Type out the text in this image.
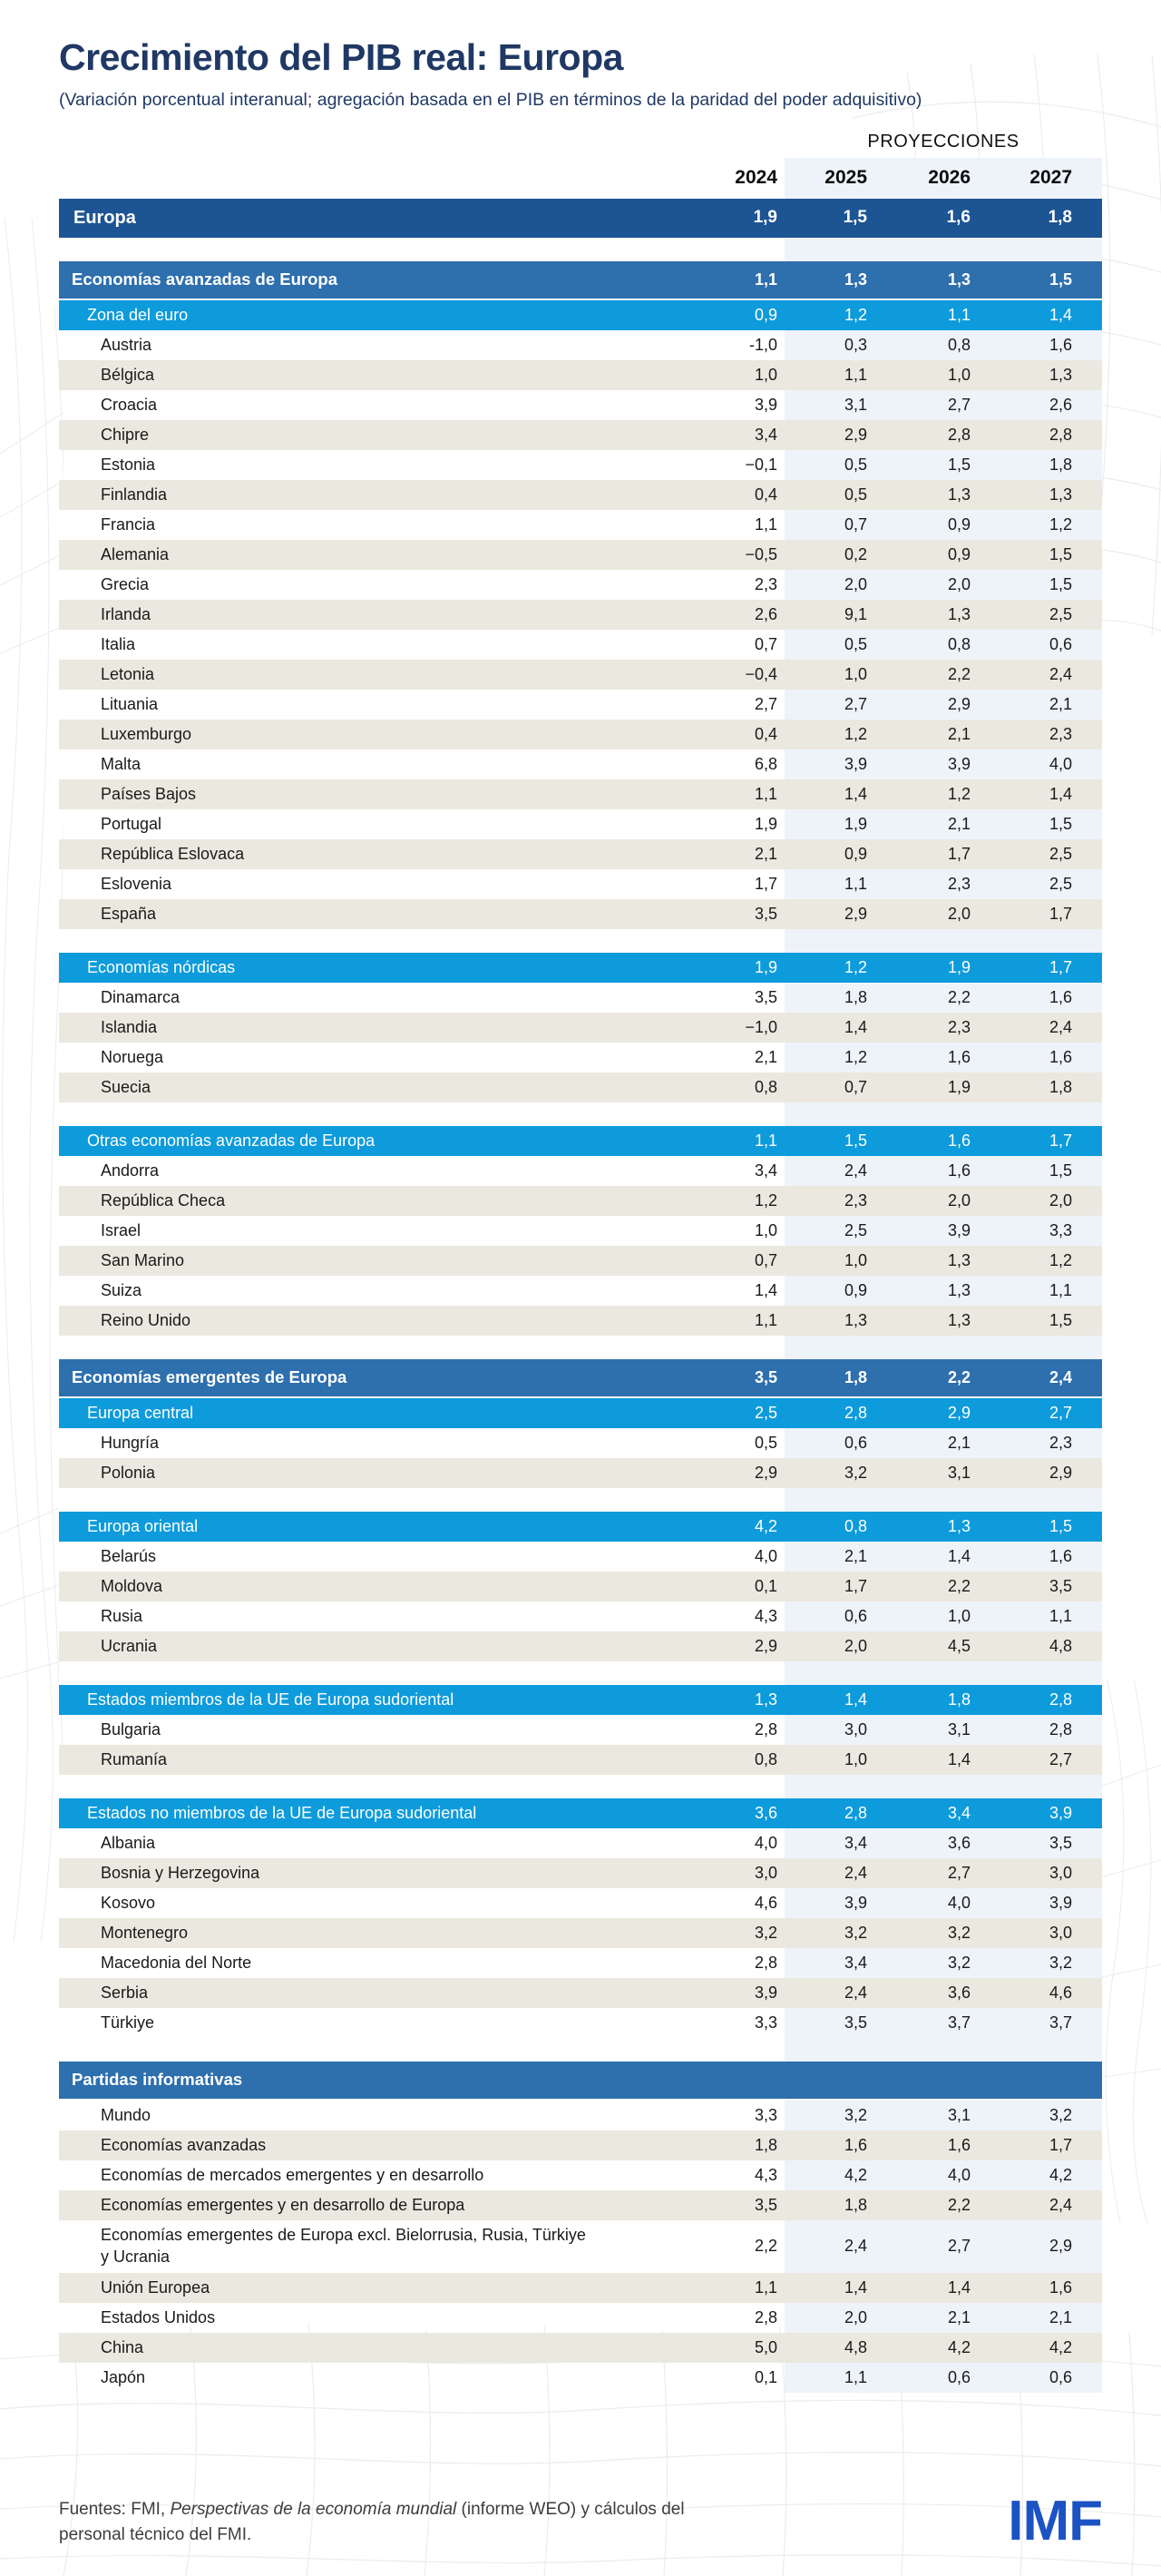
Crecimiento del PIB real: Europa
(Variación porcentual interanual; agregación basada en el PIB en términos de la paridad del poder adquisitivo)
PROYECCIONES
2024	2025	2026	2027
Europa	1,9	1,5	1,6	1,8
Economías avanzadas de Europa	1,1	1,3	1,3	1,5
Zona del euro	0,9	1,2	1,1	1,4
Austria	-1,0	0,3	0,8	1,6
Bélgica	1,0	1,1	1,0	1,3
Croacia	3,9	3,1	2,7	2,6
Chipre	3,4	2,9	2,8	2,8
Estonia	−0,1	0,5	1,5	1,8
Finlandia	0,4	0,5	1,3	1,3
Francia	1,1	0,7	0,9	1,2
Alemania	−0,5	0,2	0,9	1,5
Grecia	2,3	2,0	2,0	1,5
Irlanda	2,6	9,1	1,3	2,5
Italia	0,7	0,5	0,8	0,6
Letonia	−0,4	1,0	2,2	2,4
Lituania	2,7	2,7	2,9	2,1
Luxemburgo	0,4	1,2	2,1	2,3
Malta	6,8	3,9	3,9	4,0
Países Bajos	1,1	1,4	1,2	1,4
Portugal	1,9	1,9	2,1	1,5
República Eslovaca	2,1	0,9	1,7	2,5
Eslovenia	1,7	1,1	2,3	2,5
España	3,5	2,9	2,0	1,7
Economías nórdicas	1,9	1,2	1,9	1,7
Dinamarca	3,5	1,8	2,2	1,6
Islandia	−1,0	1,4	2,3	2,4
Noruega	2,1	1,2	1,6	1,6
Suecia	0,8	0,7	1,9	1,8
Otras economías avanzadas de Europa	1,1	1,5	1,6	1,7
Andorra	3,4	2,4	1,6	1,5
República Checa	1,2	2,3	2,0	2,0
Israel	1,0	2,5	3,9	3,3
San Marino	0,7	1,0	1,3	1,2
Suiza	1,4	0,9	1,3	1,1
Reino Unido	1,1	1,3	1,3	1,5
Economías emergentes de Europa	3,5	1,8	2,2	2,4
Europa central	2,5	2,8	2,9	2,7
Hungría	0,5	0,6	2,1	2,3
Polonia	2,9	3,2	3,1	2,9
Europa oriental	4,2	0,8	1,3	1,5
Belarús	4,0	2,1	1,4	1,6
Moldova	0,1	1,7	2,2	3,5
Rusia	4,3	0,6	1,0	1,1
Ucrania	2,9	2,0	4,5	4,8
Estados miembros de la UE de Europa sudoriental	1,3	1,4	1,8	2,8
Bulgaria	2,8	3,0	3,1	2,8
Rumanía	0,8	1,0	1,4	2,7
Estados no miembros de la UE de Europa sudoriental	3,6	2,8	3,4	3,9
Albania	4,0	3,4	3,6	3,5
Bosnia y Herzegovina	3,0	2,4	2,7	3,0
Kosovo	4,6	3,9	4,0	3,9
Montenegro	3,2	3,2	3,2	3,0
Macedonia del Norte	2,8	3,4	3,2	3,2
Serbia	3,9	2,4	3,6	4,6
Türkiye	3,3	3,5	3,7	3,7
Partidas informativas
Mundo	3,3	3,2	3,1	3,2
Economías avanzadas	1,8	1,6	1,6	1,7
Economías de mercados emergentes y en desarrollo	4,3	4,2	4,0	4,2
Economías emergentes y en desarrollo de Europa	3,5	1,8	2,2	2,4
Economías emergentes de Europa excl. Bielorrusia, Rusia, Türkiye y Ucrania
2,2	2,4	2,7	2,9
Unión Europea	1,1	1,4	1,4	1,6
Estados Unidos	2,8	2,0	2,1	2,1
China	5,0	4,8	4,2	4,2
Japón	0,1	1,1	0,6	0,6
Fuentes: FMI, Perspectivas de la economía mundial (informe WEO) y cálculos del
personal técnico del FMI.	IMF
